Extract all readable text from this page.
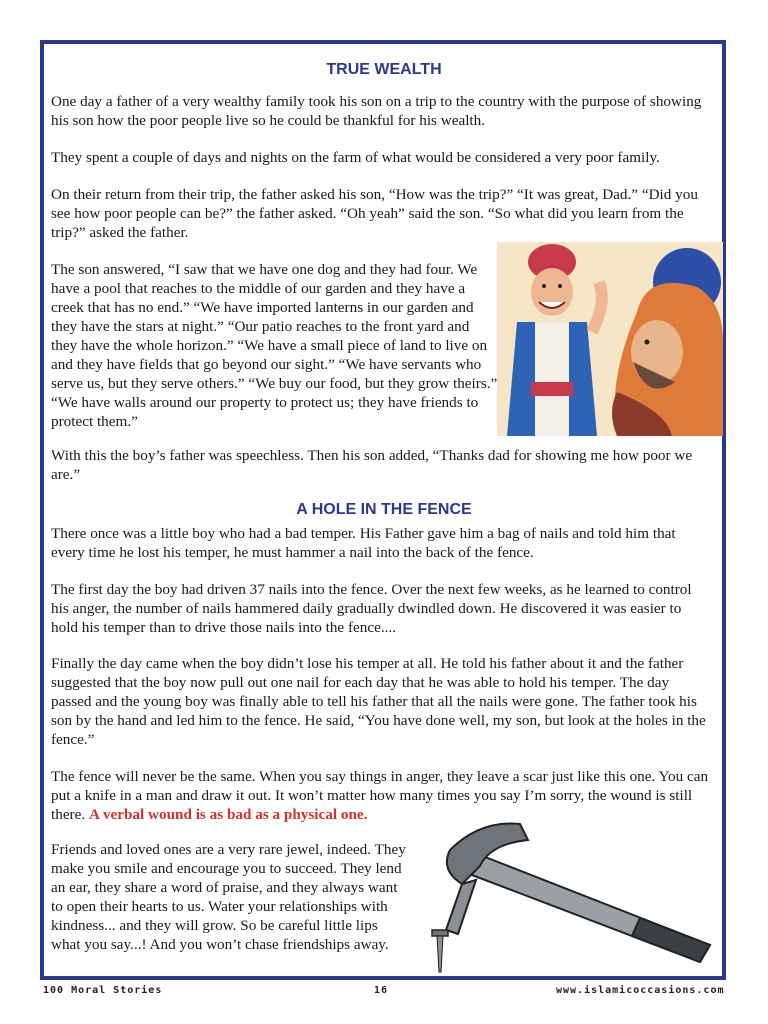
TRUE WEALTH
One day a father of a very wealthy family took his son on a trip to the country with the purpose of showing his son how the poor people live so he could be thankful for his wealth.
They spent a couple of days and nights on the farm of what would be considered a very poor family.
On their return from their trip, the father asked his son, “How was the trip?” “It was great, Dad.” “Did you see how poor people can be?” the father asked. “Oh yeah” said the son. “So what did you learn from the trip?” asked the father.
The son answered, “I saw that we have one dog and they had four. We have a pool that reaches to the middle of our garden and they have a creek that has no end.” “We have imported lanterns in our garden and they have the stars at night.” “Our patio reaches to the front yard and they have the whole horizon.” “We have a small piece of land to live on and they have fields that go beyond our sight.” “We have servants who serve us, but they serve others.” “We buy our food, but they grow theirs.” “We have walls around our property to protect us; they have friends to protect them.”
With this the boy’s father was speechless. Then his son added, “Thanks dad for showing me how poor we are.”
A HOLE IN THE FENCE
There once was a little boy who had a bad temper. His Father gave him a bag of nails and told him that every time he lost his temper, he must hammer a nail into the back of the fence.
The first day the boy had driven 37 nails into the fence. Over the next few weeks, as he learned to control his anger, the number of nails hammered daily gradually dwindled down. He discovered it was easier to hold his temper than to drive those nails into the fence....
Finally the day came when the boy didn’t lose his temper at all. He told his father about it and the father suggested that the boy now pull out one nail for each day that he was able to hold his temper. The day passed and the young boy was finally able to tell his father that all the nails were gone. The father took his son by the hand and led him to the fence. He said, “You have done well, my son, but look at the holes in the fence.”
The fence will never be the same. When you say things in anger, they leave a scar just like this one. You can put a knife in a man and draw it out. It won’t matter how many times you say I’m sorry, the wound is still there. A verbal wound is as bad as a physical one.
Friends and loved ones are a very rare jewel, indeed. They make you smile and encourage you to succeed. They lend an ear, they share a word of praise, and they always want to open their hearts to us. Water your relationships with kindness... and they will grow. So be careful little lips what you say...! And you won’t chase friendships away.
100 Moral Stories	16	www.islamicoccasions.com
